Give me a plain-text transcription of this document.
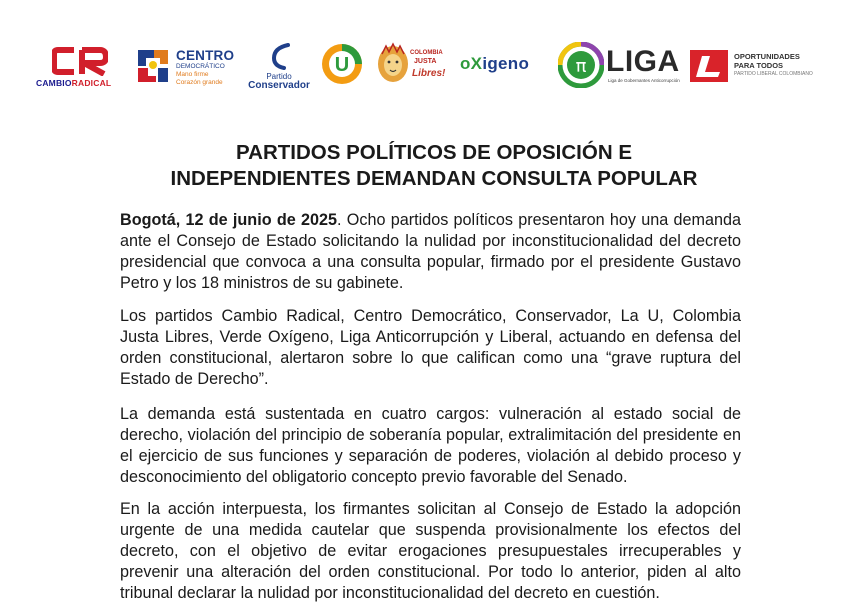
CAMBIORADICAL
CENTRO
DEMOCRÁTICO
Mano firme
Corazón grande
Partido
Conservador
U
COLOMBIA
JUSTA
Libres!
oXigeno	π LIGA
Liga de Gobernantes Anticorrupción
OPORTUNIDADES
PARA TODOS
PARTIDO LIBERAL COLOMBIANO
PARTIDOS POLÍTICOS DE OPOSICIÓN E
INDEPENDIENTES DEMANDAN CONSULTA POPULAR

Bogotá, 12 de junio de 2025. Ocho partidos políticos presentaron hoy una demanda ante el Consejo de Estado solicitando la nulidad por inconstitucionalidad del decreto presidencial que convoca a una consulta popular, firmado por el presidente Gustavo Petro y los 18 ministros de su gabinete.

Los partidos Cambio Radical, Centro Democrático, Conservador, La U, Colombia Justa Libres, Verde Oxígeno, Liga Anticorrupción y Liberal, actuando en defensa del orden constitucional, alertaron sobre lo que califican como una “grave ruptura del Estado de Derecho”.

La demanda está sustentada en cuatro cargos: vulneración al estado social de derecho, violación del principio de soberanía popular, extralimitación del presidente en el ejercicio de sus funciones y separación de poderes, violación al debido proceso y desconocimiento del obligatorio concepto previo favorable del Senado.

En la acción interpuesta, los firmantes solicitan al Consejo de Estado la adopción urgente de una medida cautelar que suspenda provisionalmente los efectos del decreto, con el objetivo de evitar erogaciones presupuestales irrecuperables y prevenir una alteración del orden constitucional. Por todo lo anterior, piden al alto tribunal declarar la nulidad por inconstitucionalidad del decreto en cuestión.
